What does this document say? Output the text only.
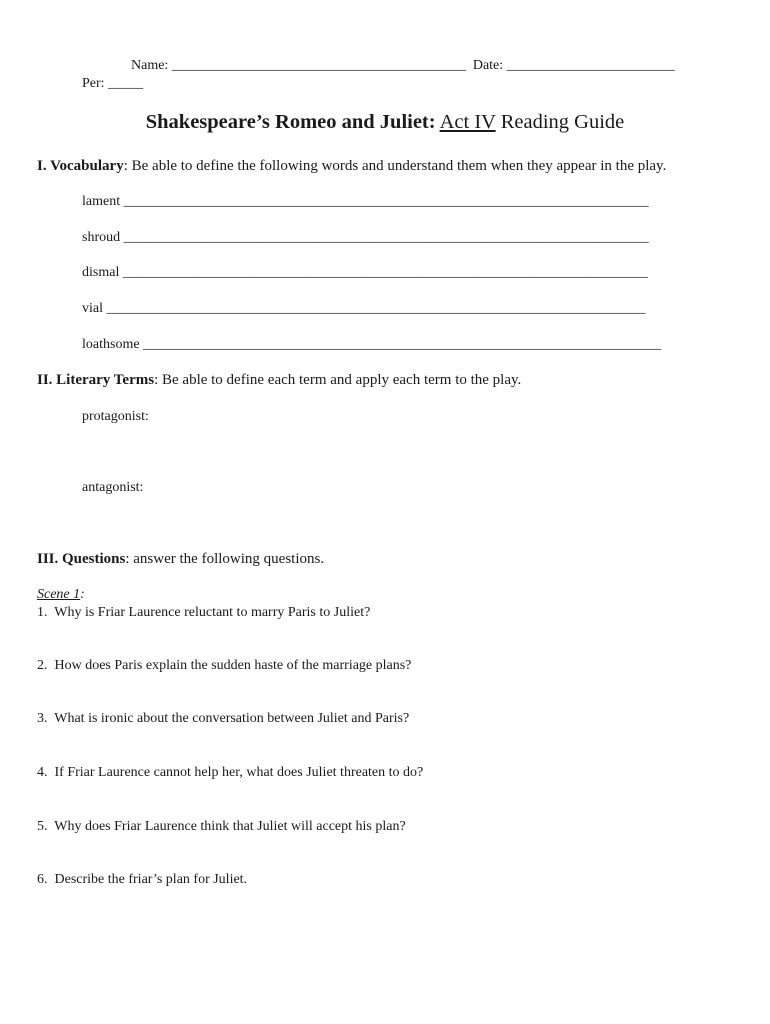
Name: __________________________________________ Date: ________________________
Per: _____
Shakespeare’s Romeo and Juliet: Act IV Reading Guide
I. Vocabulary: Be able to define the following words and understand them when they appear in the play.
lament ___________________________________________________________________________
shroud ___________________________________________________________________________
dismal ___________________________________________________________________________
vial _____________________________________________________________________________
loathsome __________________________________________________________________________
II. Literary Terms: Be able to define each term and apply each term to the play.
protagonist:
antagonist:
III. Questions: answer the following questions.
Scene 1:
1. Why is Friar Laurence reluctant to marry Paris to Juliet?
2. How does Paris explain the sudden haste of the marriage plans?
3. What is ironic about the conversation between Juliet and Paris?
4. If Friar Laurence cannot help her, what does Juliet threaten to do?
5. Why does Friar Laurence think that Juliet will accept his plan?
6. Describe the friar’s plan for Juliet.
